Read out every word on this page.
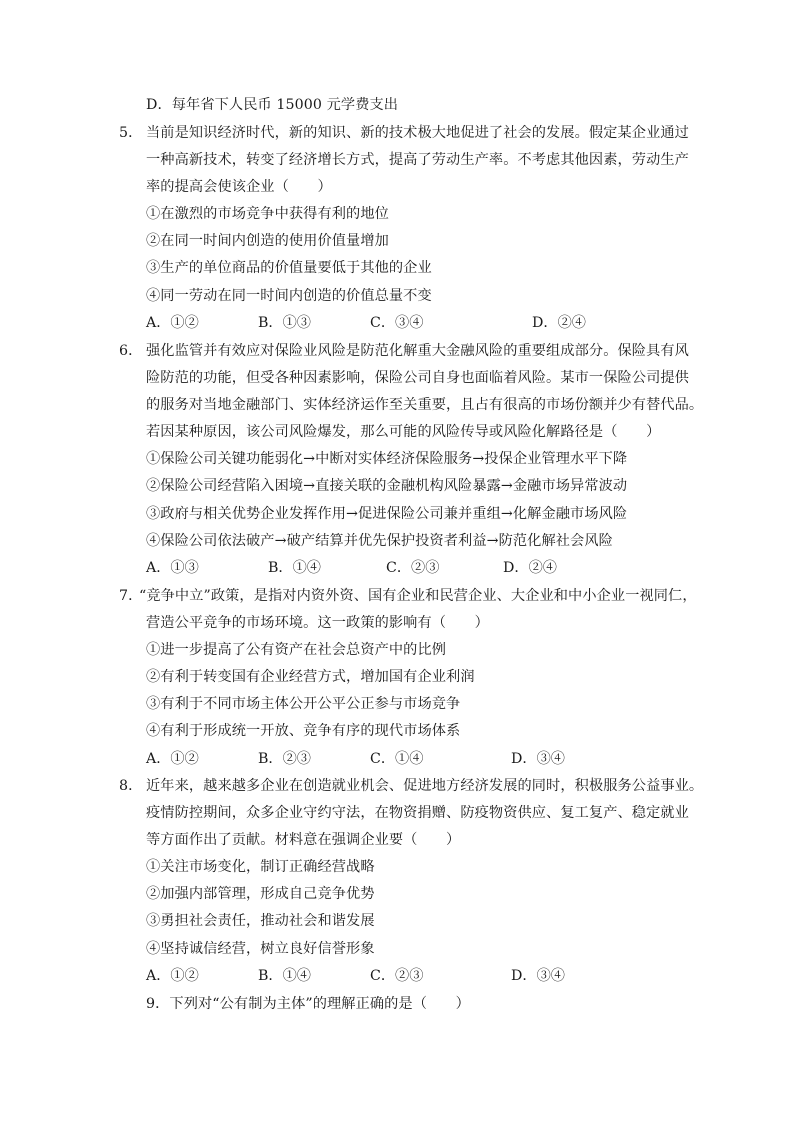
D．每年省下人民币 15000 元学费支出
5． 当前是知识经济时代，新的知识、新的技术极大地促进了社会的发展。假定某企业通过
一种高新技术，转变了经济增长方式，提高了劳动生产率。不考虑其他因素，劳动生产
率的提高会使该企业（　　）
①在激烈的市场竞争中获得有利的地位
②在同一时间内创造的使用价值量增加
③生产的单位商品的价值量要低于其他的企业
④同一劳动在同一时间内创造的价值总量不变
A．①②	B．①③	C．③④	D．②④
6． 强化监管并有效应对保险业风险是防范化解重大金融风险的重要组成部分。保险具有风
险防范的功能，但受各种因素影响，保险公司自身也面临着风险。某市一保险公司提供
的服务对当地金融部门、实体经济运作至关重要，且占有很高的市场份额并少有替代品。
若因某种原因，该公司风险爆发，那么可能的风险传导或风险化解路径是（　　）
①保险公司关键功能弱化→中断对实体经济保险服务→投保企业管理水平下降
②保险公司经营陷入困境→直接关联的金融机构风险暴露→金融市场异常波动
③政府与相关优势企业发挥作用→促进保险公司兼并重组→化解金融市场风险
④保险公司依法破产→破产结算并优先保护投资者利益→防范化解社会风险
A．①③	B．①④	C．②③	D．②④
7．
“竞争中立”政策，是指对内资外资、国有企业和民营企业、大企业和中小企业一视同仁，
营造公平竞争的市场环境。这一政策的影响有（　　）
①进一步提高了公有资产在社会总资产中的比例
②有利于转变国有企业经营方式，增加国有企业利润
③有利于不同市场主体公开公平公正参与市场竞争
④有利于形成统一开放、竞争有序的现代市场体系
A．①②	B．②③	C．①④	D．③④
8． 近年来，越来越多企业在创造就业机会、促进地方经济发展的同时，积极服务公益事业。
疫情防控期间，众多企业守约守法，在物资捐赠、防疫物资供应、复工复产、稳定就业
等方面作出了贡献。材料意在强调企业要（　　）
①关注市场变化，制订正确经营战略
②加强内部管理，形成自己竞争优势
③勇担社会责任，推动社会和谐发展
④坚持诚信经营，树立良好信誉形象
A．①②	B．①④	C．②③	D．③④
9．下列对“公有制为主体”的理解正确的是（　　）
